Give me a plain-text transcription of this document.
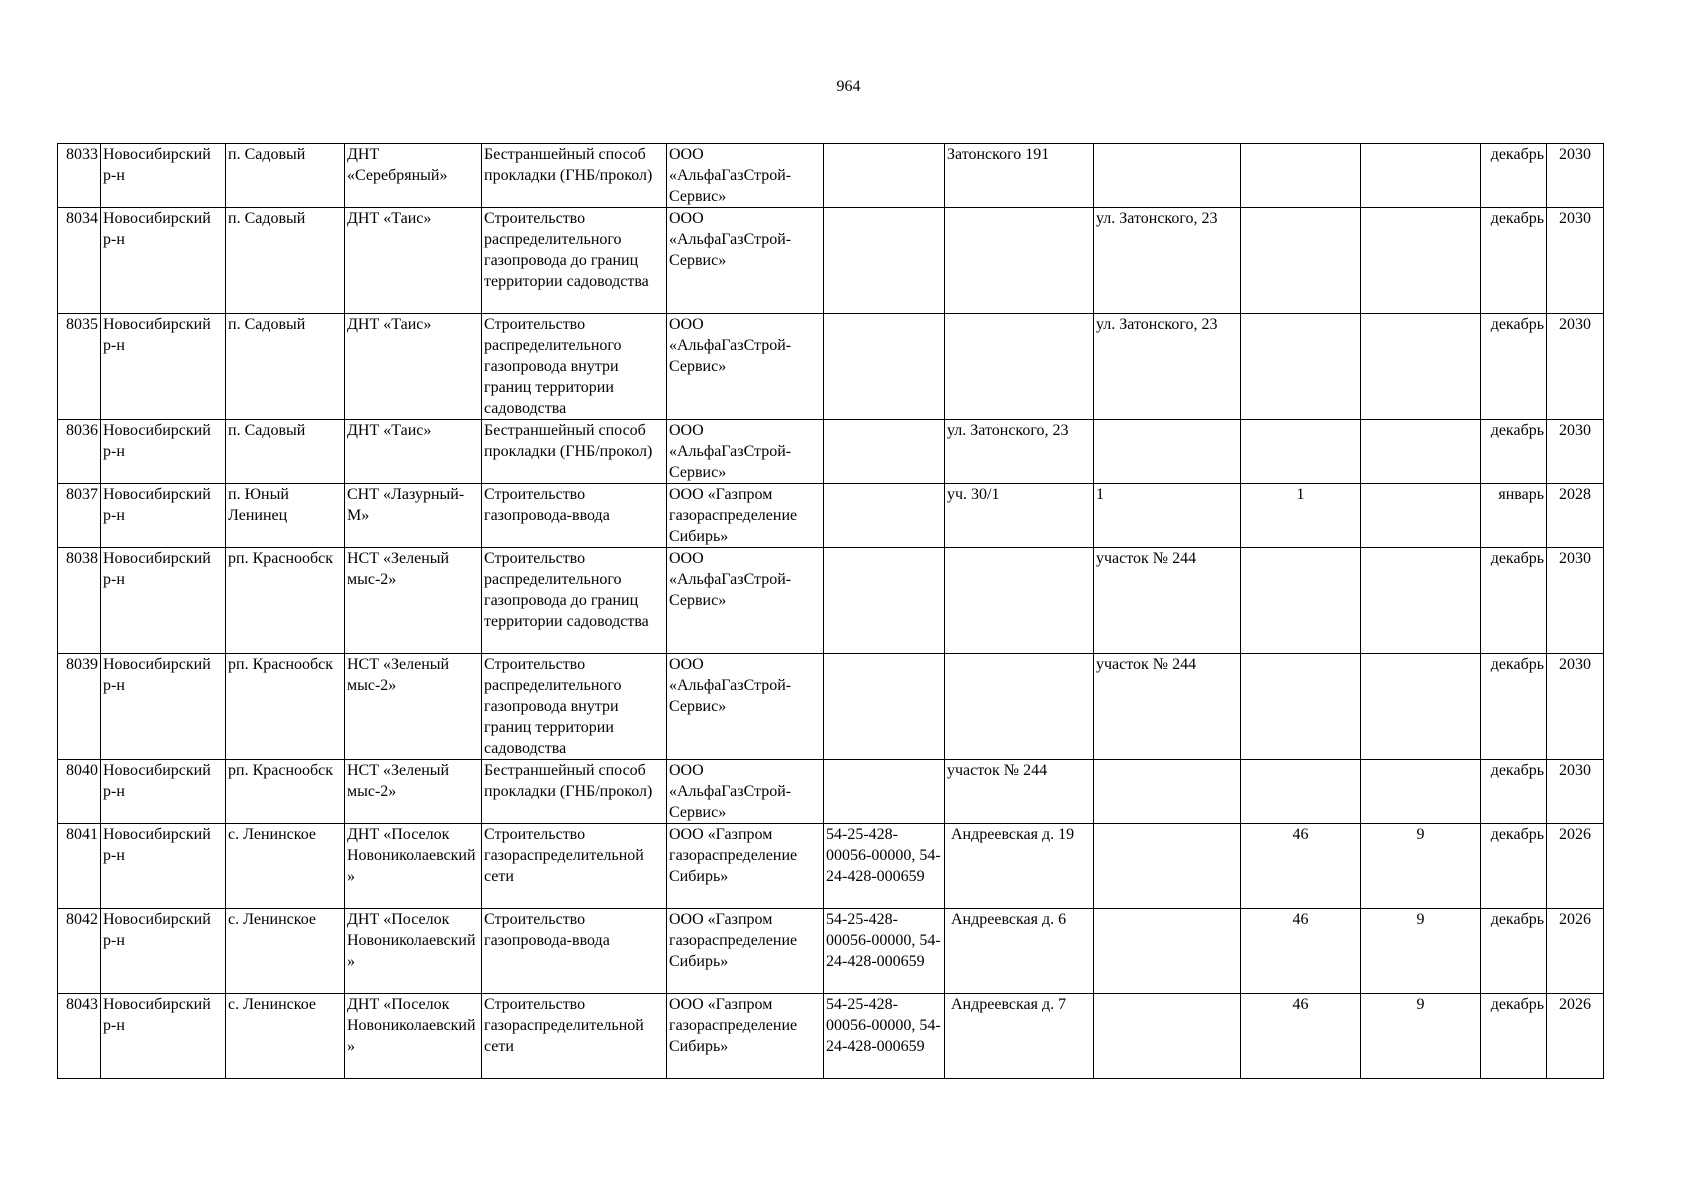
964
8033	Новосибирский р-н	п. Садовый	ДНТ «Серебряный»	Бестраншейный способ прокладки (ГНБ/прокол)	ООО «АльфаГазСтрой-Сервис»		Затонского 191				декабрь	2030
8034	Новосибирский р-н	п. Садовый	ДНТ «Таис»	Строительство распределительного газопровода до границ территории садоводства	ООО «АльфаГазСтрой-Сервис»			ул. Затонского, 23			декабрь	2030
8035	Новосибирский р-н	п. Садовый	ДНТ «Таис»	Строительство распределительного газопровода внутри границ территории садоводства	ООО «АльфаГазСтрой-Сервис»			ул. Затонского, 23			декабрь	2030
8036	Новосибирский р-н	п. Садовый	ДНТ «Таис»	Бестраншейный способ прокладки (ГНБ/прокол)	ООО «АльфаГазСтрой-Сервис»		ул. Затонского, 23				декабрь	2030
8037	Новосибирский р-н	п. Юный Ленинец	СНТ «Лазурный-М»	Строительство газопровода-ввода	ООО «Газпром газораспределение Сибирь»		уч. 30/1	1	1		январь	2028
8038	Новосибирский р-н	рп. Краснообск	НСТ «Зеленый мыс-2»	Строительство распределительного газопровода до границ территории садоводства	ООО «АльфаГазСтрой-Сервис»			участок № 244			декабрь	2030
8039	Новосибирский р-н	рп. Краснообск	НСТ «Зеленый мыс-2»	Строительство распределительного газопровода внутри границ территории садоводства	ООО «АльфаГазСтрой-Сервис»			участок № 244			декабрь	2030
8040	Новосибирский р-н	рп. Краснообск	НСТ «Зеленый мыс-2»	Бестраншейный способ прокладки (ГНБ/прокол)	ООО «АльфаГазСтрой-Сервис»		участок № 244				декабрь	2030
8041	Новосибирский р-н	с. Ленинское	ДНТ «Поселок Новониколаевский»	Строительство газораспределительной сети	ООО «Газпром газораспределение Сибирь»	54-25-428-00056-00000, 54-24-428-000659	Андреевская д. 19		46	9	декабрь	2026
8042	Новосибирский р-н	с. Ленинское	ДНТ «Поселок Новониколаевский»	Строительство газопровода-ввода	ООО «Газпром газораспределение Сибирь»	54-25-428-00056-00000, 54-24-428-000659	Андреевская д. 6		46	9	декабрь	2026
8043	Новосибирский р-н	с. Ленинское	ДНТ «Поселок Новониколаевский»	Строительство газораспределительной сети	ООО «Газпром газораспределение Сибирь»	54-25-428-00056-00000, 54-24-428-000659	Андреевская д. 7		46	9	декабрь	2026
